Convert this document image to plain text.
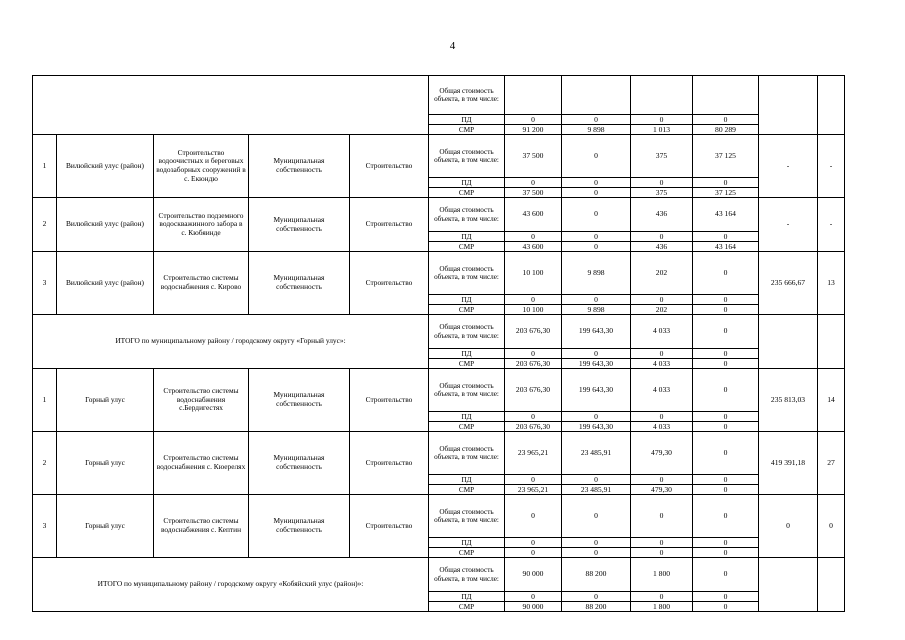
4
					Общая стоимость объекта, в том числе:						
					ПД	0	0	0	0		
					СМР	91 200	9 898	1 013	80 289		
1	Вилюйский улус (район)	Строительство водоочистных и береговых водозаборных сооружений в с. Екюндю	Муниципальная собственность	Строительство	Общая стоимость объекта, в том числе:	37 500	0	375	37 125	-	-
					ПД	0	0	0	0		
					СМР	37 500	0	375	37 125		
2	Вилюйский улус (район)	Строительство подземного водоскважинного забора в с. Кюбяинде	Муниципальная собственность	Строительство	Общая стоимость объекта, в том числе:	43 600	0	436	43 164	-	-
					ПД	0	0	0	0		
					СМР	43 600	0	436	43 164		
3	Вилюйский улус (район)	Строительство системы водоснабжения с. Кирово	Муниципальная собственность	Строительство	Общая стоимость объекта, в том числе:	10 100	9 898	202	0	235 666,67	13
					ПД	0	0	0	0		
					СМР	10 100	9 898	202	0		
ИТОГО по муниципальному району / городскому округу «Горный улус»:					Общая стоимость объекта, в том числе:	203 676,30	199 643,30	4 033	0		
					ПД	0	0	0	0		
					СМР	203 676,30	199 643,30	4 033	0		
1	Горный улус	Строительство системы водоснабжения с.Бердигестях	Муниципальная собственность	Строительство	Общая стоимость объекта, в том числе:	203 676,30	199 643,30	4 033	0	235 813,03	14
					ПД	0	0	0	0		
					СМР	203 676,30	199 643,30	4 033	0		
2	Горный улус	Строительство системы водоснабжения с. Кюерелях	Муниципальная собственность	Строительство	Общая стоимость объекта, в том числе:	23 965,21	23 485,91	479,30	0	419 391,18	27
					ПД	0	0	0	0		
					СМР	23 965,21	23 485,91	479,30	0		
3	Горный улус	Строительство системы водоснабжения с. Кептин	Муниципальная собственность	Строительство	Общая стоимость объекта, в том числе:	0	0	0	0	0	0
					ПД	0	0	0	0		
					СМР	0	0	0	0		
ИТОГО по муниципальному району / городскому округу «Кобяйский улус (район)»:					Общая стоимость объекта, в том числе:	90 000	88 200	1 800	0		
					ПД	0	0	0	0		
					СМР	90 000	88 200	1 800	0		
